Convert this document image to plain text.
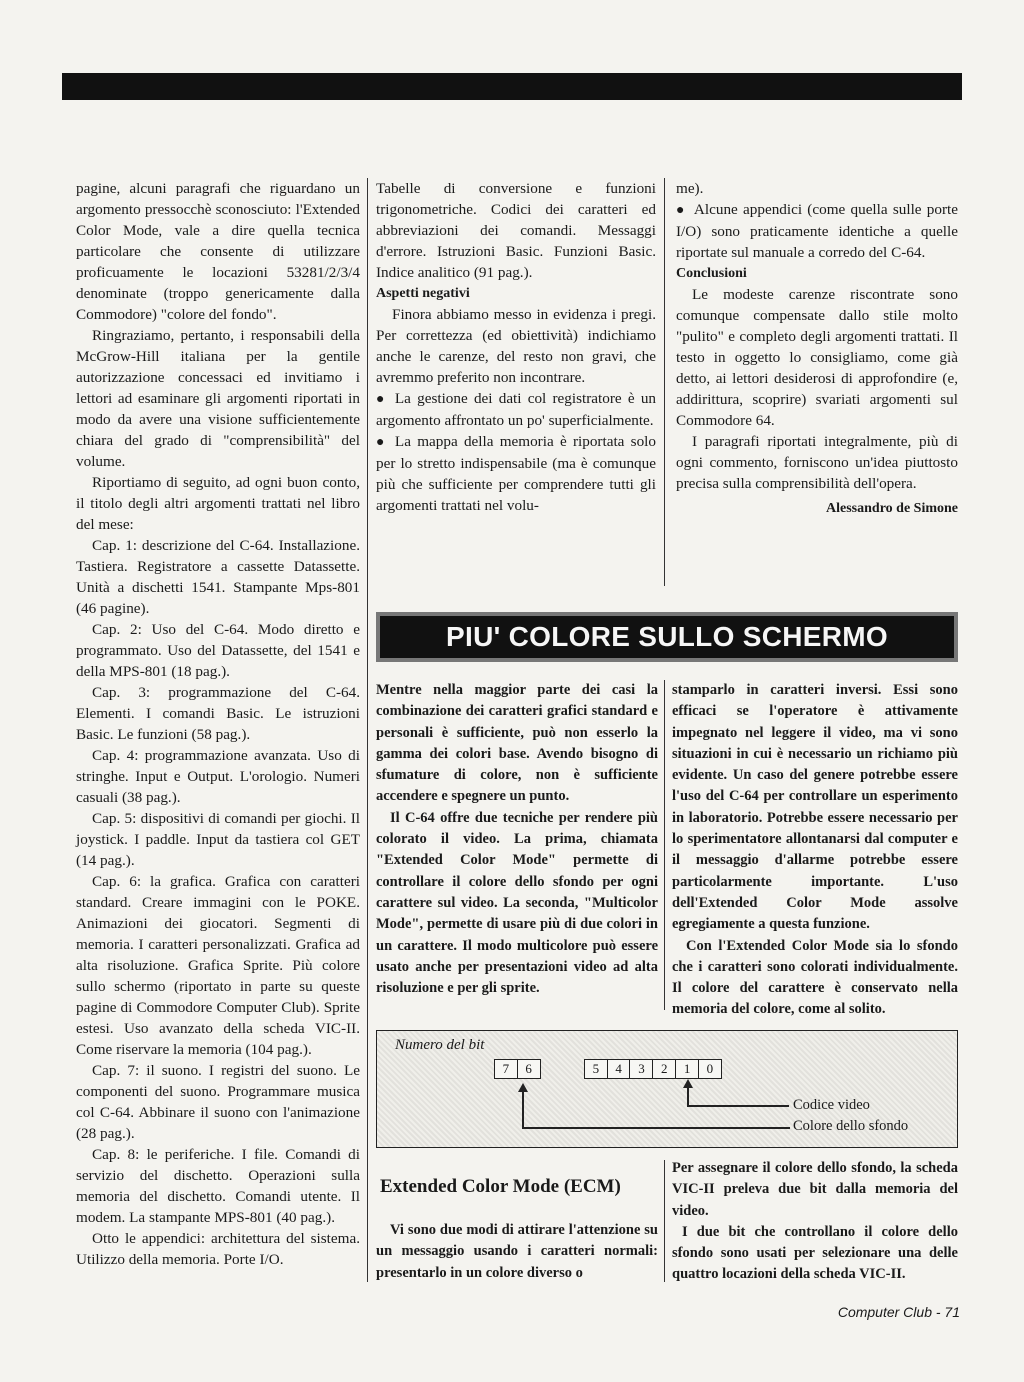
pagine, alcuni paragrafi che riguardano un argomento pressocchè sconosciuto: l'Extended Color Mode, vale a dire quella tecnica particolare che consente di utilizzare proficuamente le locazioni 53281/2/3/4 denominate (troppo genericamente dalla Commodore) "colore del fondo".

Ringraziamo, pertanto, i responsabili della McGrow-Hill italiana per la gentile autorizzazione concessaci ed invitiamo i lettori ad esaminare gli argomenti riportati in modo da avere una visione sufficientemente chiara del grado di "comprensibilità" del volume.

Riportiamo di seguito, ad ogni buon conto, il titolo degli altri argomenti trattati nel libro del mese:

Cap. 1: descrizione del C-64. Installazione. Tastiera. Registratore a cassette Datassette. Unità a dischetti 1541. Stampante Mps-801 (46 pagine).

Cap. 2: Uso del C-64. Modo diretto e programmato. Uso del Datassette, del 1541 e della MPS-801 (18 pag.).

Cap. 3: programmazione del C-64. Elementi. I comandi Basic. Le istruzioni Basic. Le funzioni (58 pag.).

Cap. 4: programmazione avanzata. Uso di stringhe. Input e Output. L'orologio. Numeri casuali (38 pag.).

Cap. 5: dispositivi di comandi per giochi. Il joystick. I paddle. Input da tastiera col GET (14 pag.).

Cap. 6: la grafica. Grafica con caratteri standard. Creare immagini con le POKE. Animazioni dei giocatori. Segmenti di memoria. I caratteri personalizzati. Grafica ad alta risoluzione. Grafica Sprite. Più colore sullo schermo (riportato in parte su queste pagine di Commodore Computer Club). Sprite estesi. Uso avanzato della scheda VIC-II. Come riservare la memoria (104 pag.).

Cap. 7: il suono. I registri del suono. Le componenti del suono. Programmare musica col C-64. Abbinare il suono con l'animazione (28 pag.).

Cap. 8: le periferiche. I file. Comandi di servizio del dischetto. Operazioni sulla memoria del dischetto. Comandi utente. Il modem. La stampante MPS-801 (40 pag.).

Otto le appendici: architettura del sistema. Utilizzo della memoria. Porte I/O.

Tabelle di conversione e funzioni trigonometriche. Codici dei caratteri ed abbreviazioni dei comandi. Messaggi d'errore. Istruzioni Basic. Funzioni Basic. Indice analitico (91 pag.).

Aspetti negativi

Finora abbiamo messo in evidenza i pregi. Per correttezza (ed obiettività) indichiamo anche le carenze, del resto non gravi, che avremmo preferito non incontrare.

● La gestione dei dati col registratore è un argomento affrontato un po' superficialmente.

● La mappa della memoria è riportata solo per lo stretto indispensabile (ma è comunque più che sufficiente per comprendere tutti gli argomenti trattati nel volu-

me).

● Alcune appendici (come quella sulle porte I/O) sono praticamente identiche a quelle riportate sul manuale a corredo del C-64.

Conclusioni

Le modeste carenze riscontrate sono comunque compensate dallo stile molto "pulito" e completo degli argomenti trattati. Il testo in oggetto lo consigliamo, come già detto, ai lettori desiderosi di approfondire (e, addirittura, scoprire) svariati argomenti sul Commodore 64.

I paragrafi riportati integralmente, più di ogni commento, forniscono un'idea piuttosto precisa sulla comprensibilità dell'opera.

Alessandro de Simone

PIU' COLORE SULLO SCHERMO

Mentre nella maggior parte dei casi la combinazione dei caratteri grafici standard e personali è sufficiente, può non esserlo la gamma dei colori base. Avendo bisogno di sfumature di colore, non è sufficiente accendere e spegnere un punto.

Il C-64 offre due tecniche per rendere più colorato il video. La prima, chiamata "Extended Color Mode" permette di controllare il colore dello sfondo per ogni carattere sul video. La seconda, "Multicolor Mode", permette di usare più di due colori in un carattere. Il modo multicolore può essere usato anche per presentazioni video ad alta risoluzione e per gli sprite.

stamparlo in caratteri inversi. Essi sono efficaci se l'operatore è attivamente impegnato nel leggere il video, ma vi sono situazioni in cui è necessario un richiamo più evidente. Un caso del genere potrebbe essere l'uso del C-64 per controllare un esperimento in laboratorio. Potrebbe essere necessario per lo sperimentatore allontanarsi dal computer e il messaggio d'allarme potrebbe essere particolarmente importante. L'uso dell'Extended Color Mode assolve egregiamente a questa funzione.

Con l'Extended Color Mode sia lo sfondo che i caratteri sono colorati individualmente. Il colore del carattere è conservato nella memoria del colore, come al solito.

Numero del bit
7	6	5	4	3	2	1	0
Codice video
Colore dello sfondo
Extended Color Mode (ECM)

Vi sono due modi di attirare l'attenzione su un messaggio usando i caratteri normali: presentarlo in un colore diverso o

Per assegnare il colore dello sfondo, la scheda VIC-II preleva due bit dalla memoria del video.

I due bit che controllano il colore dello sfondo sono usati per selezionare una delle quattro locazioni della scheda VIC-II.

Computer Club - 71
